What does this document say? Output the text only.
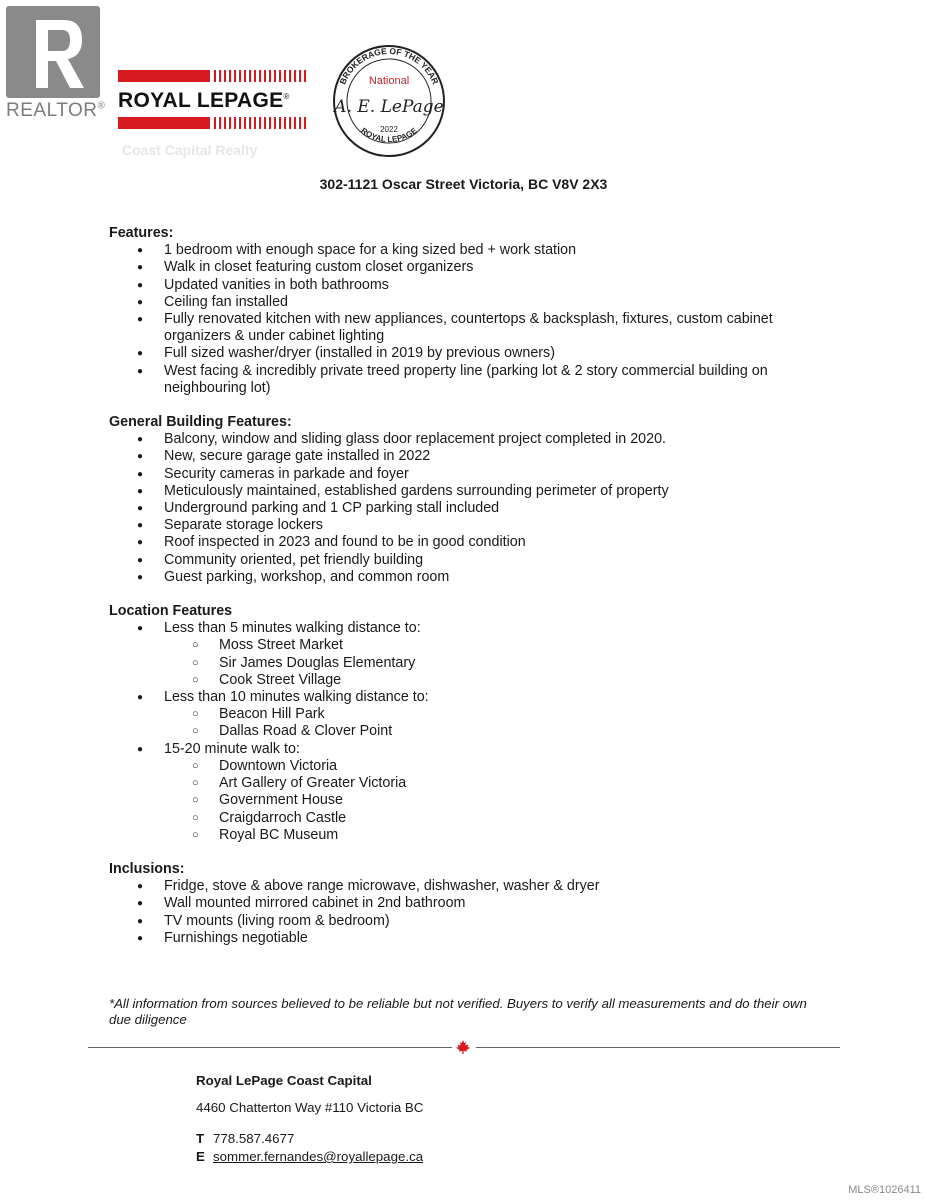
REALTOR® ROYAL LEPAGE®
Coast Capital Realty
BROKERAGE OF THE YEAR
National
A. E. LePage
2022
ROYAL LEPAGE
302-1121 Oscar Street Victoria, BC V8V 2X3

Features:

● 1 bedroom with enough space for a king sized bed + work station
● Walk in closet featuring custom closet organizers
● Updated vanities in both bathrooms
● Ceiling fan installed
● Fully renovated kitchen with new appliances, countertops & backsplash, fixtures, custom cabinet organizers & under cabinet lighting
● Full sized washer/dryer (installed in 2019 by previous owners)
● West facing & incredibly private treed property line (parking lot & 2 story commercial building on neighbouring lot)

General Building Features:

● Balcony, window and sliding glass door replacement project completed in 2020.
● New, secure garage gate installed in 2022
● Security cameras in parkade and foyer
● Meticulously maintained, established gardens surrounding perimeter of property
● Underground parking and 1 CP parking stall included
● Separate storage lockers
● Roof inspected in 2023 and found to be in good condition
● Community oriented, pet friendly building
● Guest parking, workshop, and common room

Location Features

● Less than 5 minutes walking distance to:
○ Moss Street Market
○ Sir James Douglas Elementary
○ Cook Street Village
● Less than 10 minutes walking distance to:
○ Beacon Hill Park
○ Dallas Road & Clover Point
● 15-20 minute walk to:
○ Downtown Victoria
○ Art Gallery of Greater Victoria
○ Government House
○ Craigdarroch Castle
○ Royal BC Museum

Inclusions:

● Fridge, stove & above range microwave, dishwasher, washer & dryer
● Wall mounted mirrored cabinet in 2nd bathroom
● TV mounts (living room & bedroom)
● Furnishings negotiable
*All information from sources believed to be reliable but not verified. Buyers to verify all measurements and do their own due diligence
Royal LePage Coast Capital
4460 Chatterton Way #110 Victoria BC
T 778.587.4677
E sommer.fernandes@royallepage.ca
MLS®1026411
